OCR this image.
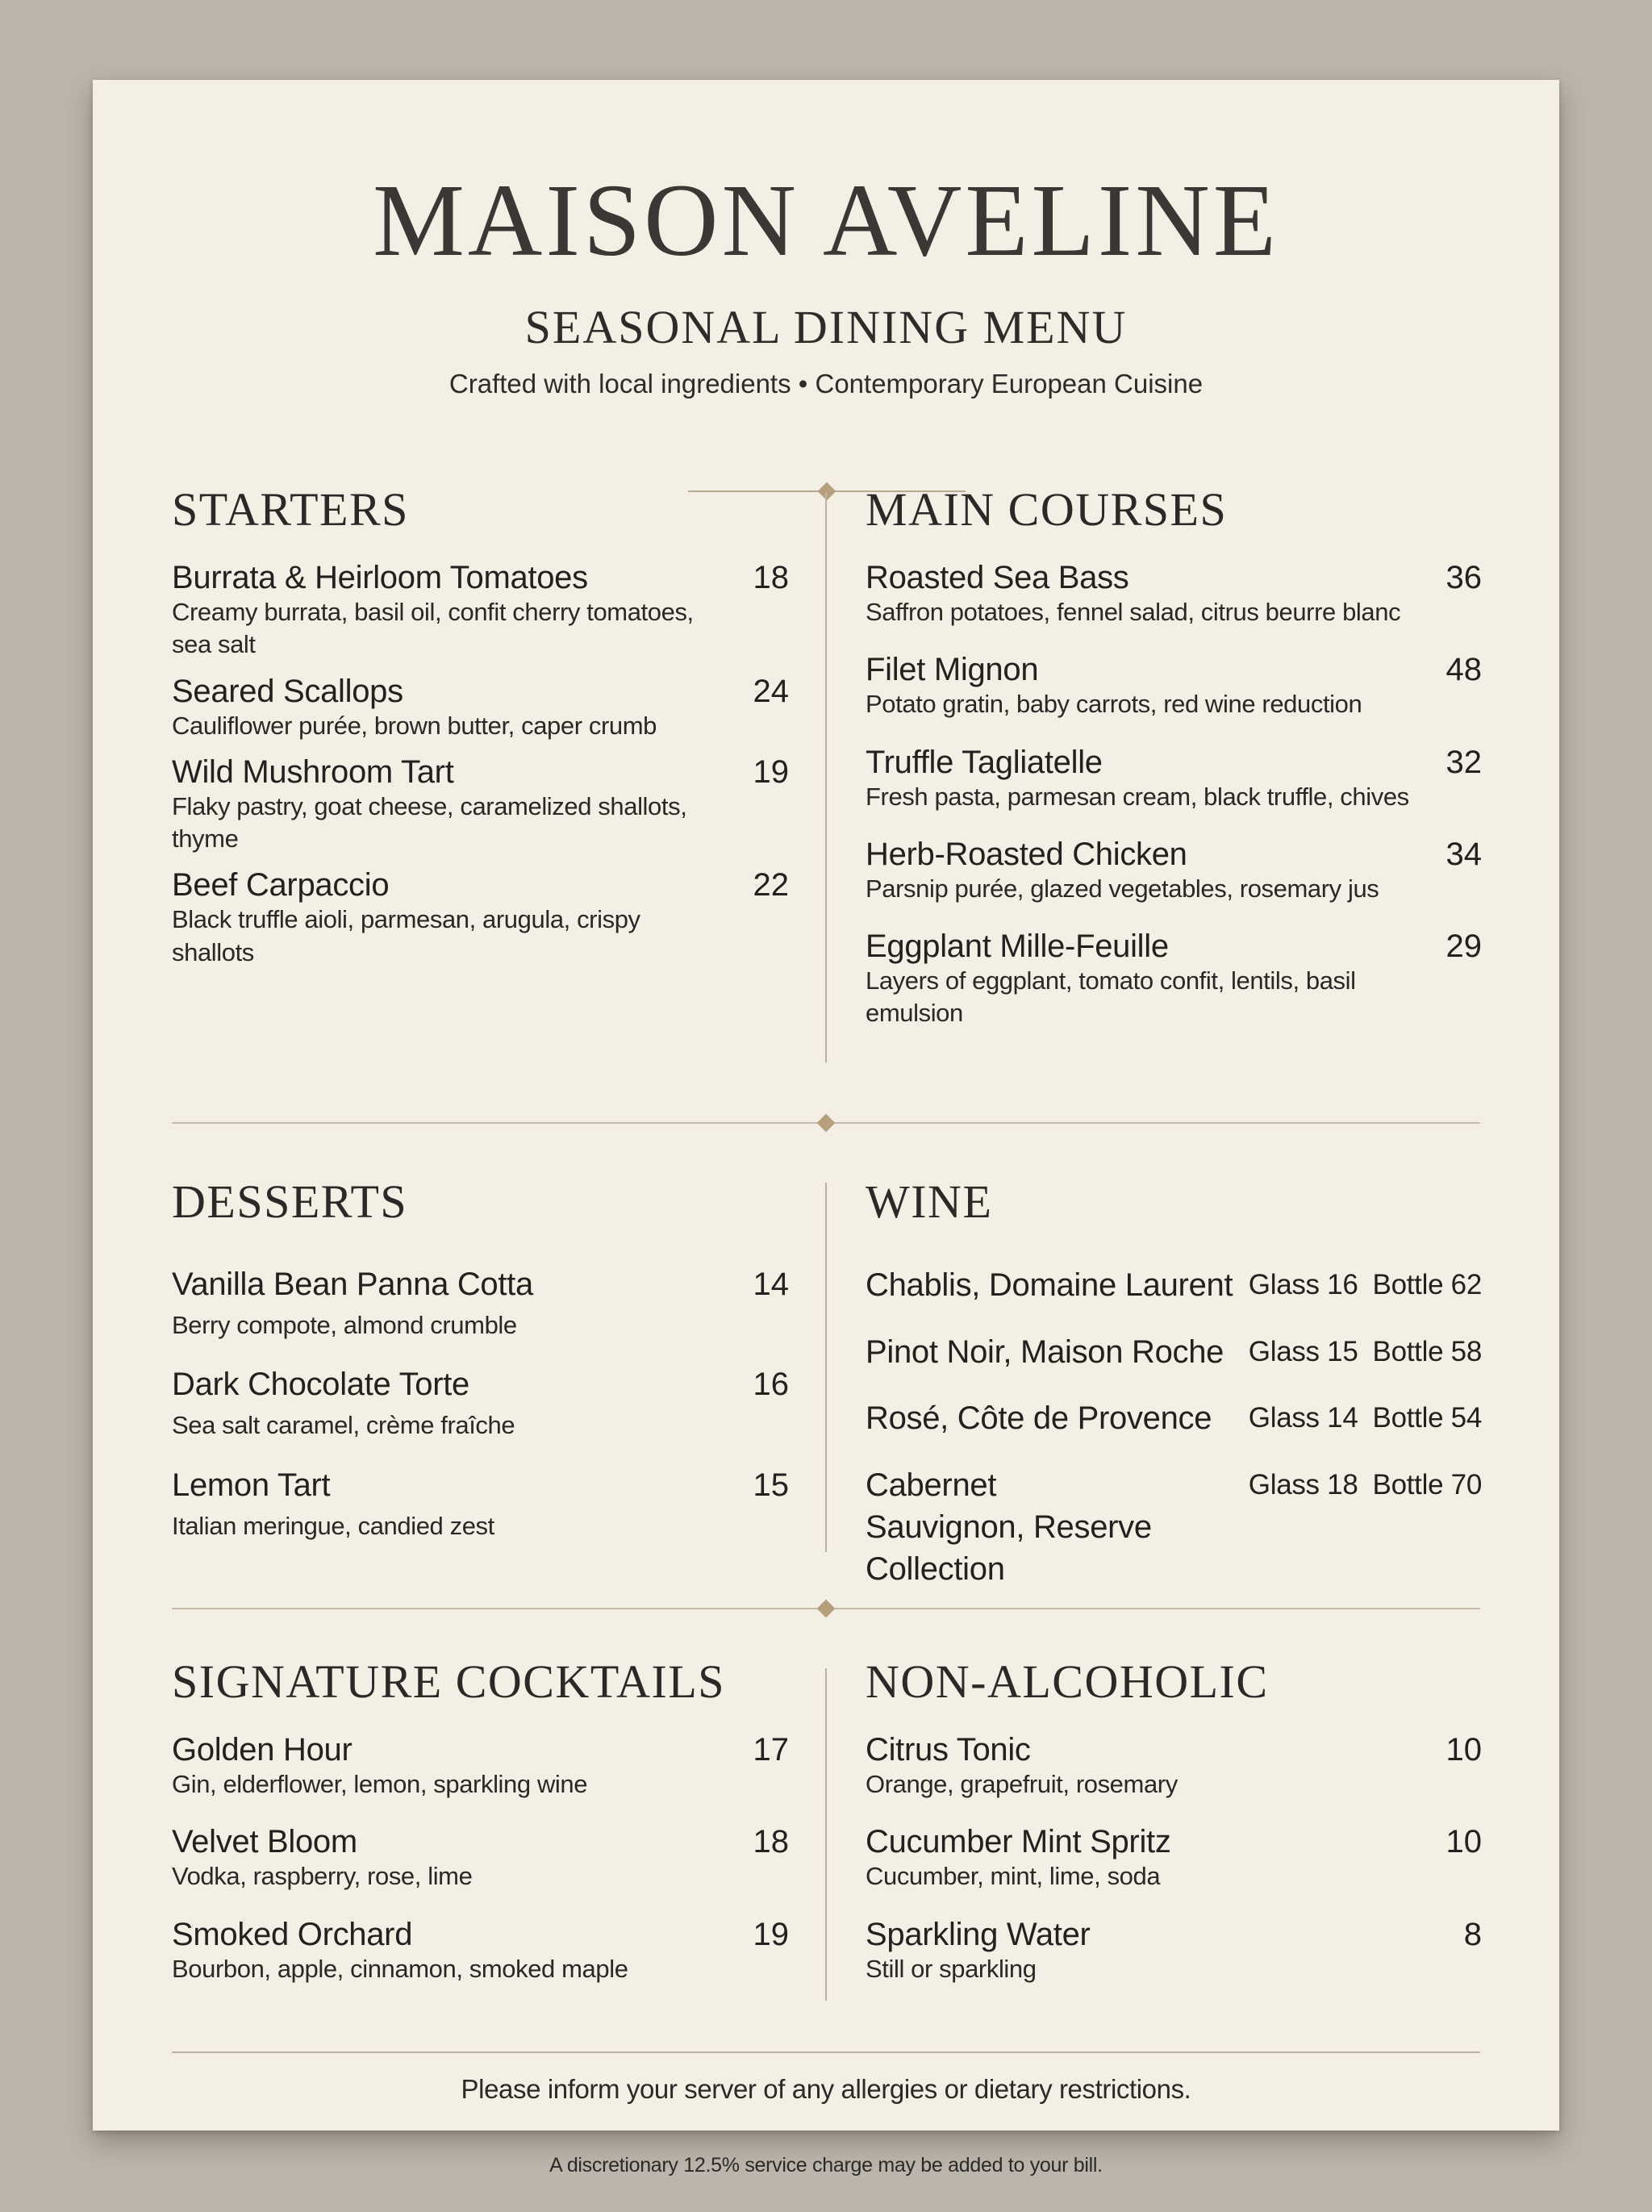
MAISON AVELINE
SEASONAL DINING MENU
Crafted with local ingredients • Contemporary European Cuisine
STARTERS
Burrata & Heirloom Tomatoes	18
Creamy burrata, basil oil, confit cherry tomatoes, sea salt
Seared Scallops	24
Cauliflower purée, brown butter, caper crumb
Wild Mushroom Tart	19
Flaky pastry, goat cheese, caramelized shallots, thyme
Beef Carpaccio	22
Black truffle aioli, parmesan, arugula, crispy shallots
MAIN COURSES
Roasted Sea Bass	36
Saffron potatoes, fennel salad, citrus beurre blanc
Filet Mignon	48
Potato gratin, baby carrots, red wine reduction
Truffle Tagliatelle	32
Fresh pasta, parmesan cream, black truffle, chives
Herb-Roasted Chicken	34
Parsnip purée, glazed vegetables, rosemary jus
Eggplant Mille-Feuille	29
Layers of eggplant, tomato confit, lentils, basil emulsion
DESSERTS
Vanilla Bean Panna Cotta	14
Berry compote, almond crumble
Dark Chocolate Torte	16
Sea salt caramel, crème fraîche
Lemon Tart	15
Italian meringue, candied zest
WINE
Chablis, Domaine Laurent Glass 16 Bottle 62
Pinot Noir, Maison Roche Glass 15 Bottle 58
Rosé, Côte de Provence	Glass 14 Bottle 54
Cabernet Sauvignon, Reserve Collection
Glass 18 Bottle 70
SIGNATURE COCKTAILS
Golden Hour	17
Gin, elderflower, lemon, sparkling wine
Velvet Bloom	18
Vodka, raspberry, rose, lime
Smoked Orchard	19
Bourbon, apple, cinnamon, smoked maple
NON-ALCOHOLIC
Citrus Tonic	10
Orange, grapefruit, rosemary
Cucumber Mint Spritz	10
Cucumber, mint, lime, soda
Sparkling Water	8
Still or sparkling
Please inform your server of any allergies or dietary restrictions.
A discretionary 12.5% service charge may be added to your bill.
